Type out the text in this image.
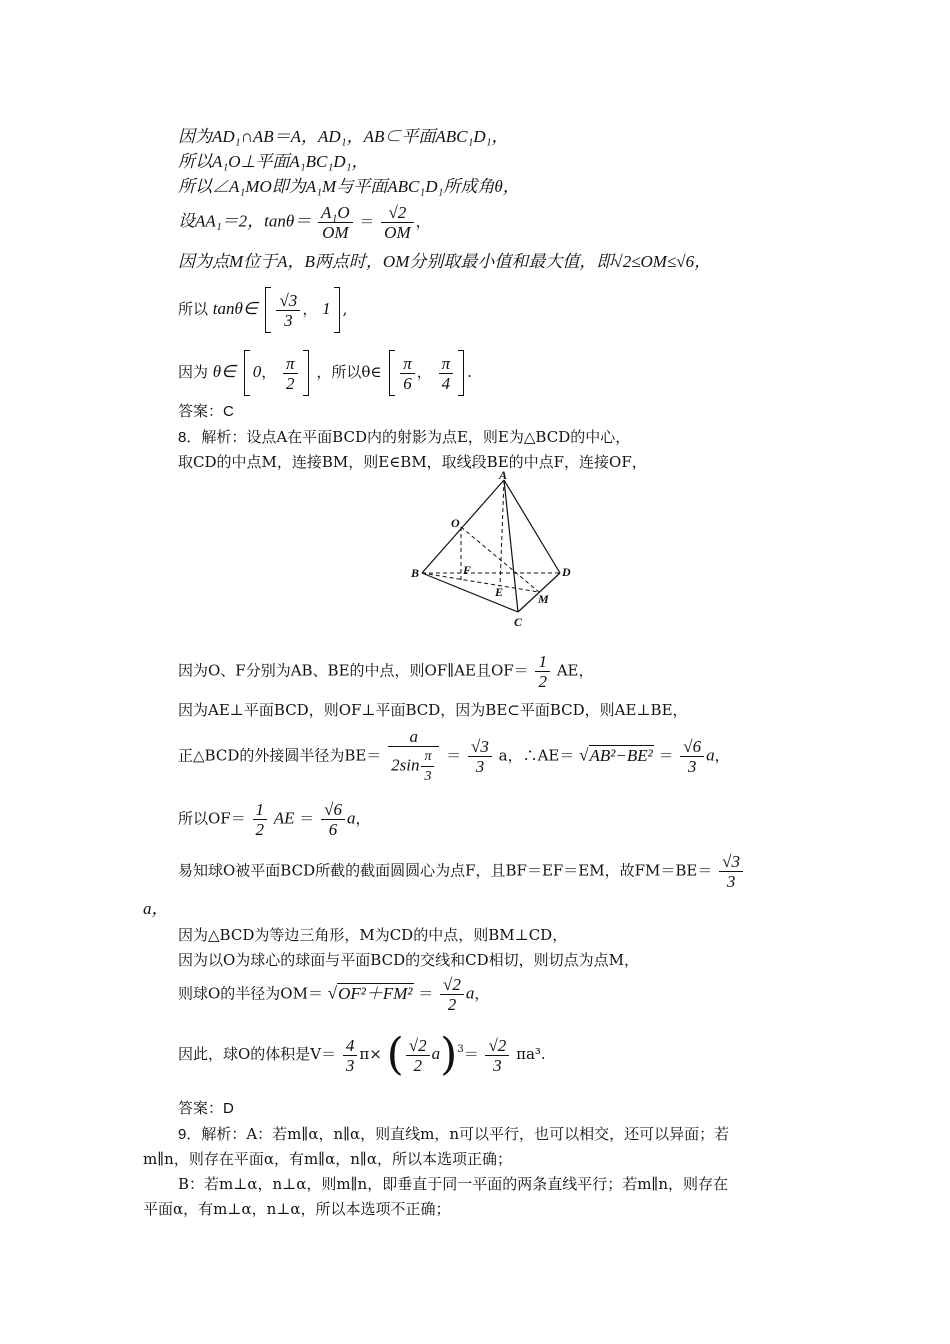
因为AD₁∩AB＝A，AD₁，AB⊂平面ABC₁D₁，
所以A₁O⊥平面A₁BC₁D₁，
所以∠A₁MO即为A₁M与平面ABC₁D₁所成角θ，
设AA₁＝2，$\tan\theta= \frac{\text{A₁O}}{OM} = \frac{√2}{OM}$ ，
因为点M位于A，B两点时，OM分别取最小值和最大值，即√2≤OM≤√6，
所以 tanθ∈ $\frac{√3}{3}$ ， 1 ,
因为 θ∈ 0， $\frac{\pi}{2}$ ，所以θ∈ $\frac{\pi}{6}$ ， $\frac{\pi}{4}$ .
答案：C
8．解析：设点A在平面BCD内的射影为点E，则E为△BCD的中心，
取CD的中点M，连接BM，则E∈BM，取线段BE的中点F，连接OF，
A
O
B	F
E
D
M
C
因为O、F分别为AB、BE的中点，则OF∥AE且$OF= \frac{1}{2}$ AE，
因为AE⊥平面BCD，则OF⊥平面BCD，因为BE⊂平面BCD，则AE⊥BE，
正△BCD的外接圆半径为$BE= \frac{a}{2\sin \frac{\pi}{3}} = \frac{√3}{3}$ a，∴AE＝ $√AB^2-BE^2 = \frac{√6}{3}$ a，
所以$OF= \frac{1}{2}$ AE ＝ $\frac{√6}{6}$ a，
易知球O被平面BCD所截的截面圆圆心为点F，且BF＝EF＝EM，故$FM=BE= \frac{√3}{3}$
a，
因为△BCD为等边三角形，M为CD的中点，则BM⊥CD，
因为以O为球心的球面与平面BCD的交线和CD相切，则切点为点M，
则球O的半径为$OM= √OF^2+FM^2 = \frac{√2}{2}$ a，
因此，球O的体积是$V= \frac{4}{3} \pi\times$ ( $\frac{√2}{2} a)^3= \frac{√2}{3} \pi a^3$.
答案：D
9．解析：A：若m∥α，n∥α，则直线m，n可以平行，也可以相交，还可以异面；若
m∥n，则存在平面α，有m∥α，n∥α，所以本选项正确；
B：若m⊥α，n⊥α，则m∥n，即垂直于同一平面的两条直线平行；若m∥n，则存在
平面α，有m⊥α，n⊥α，所以本选项不正确；
